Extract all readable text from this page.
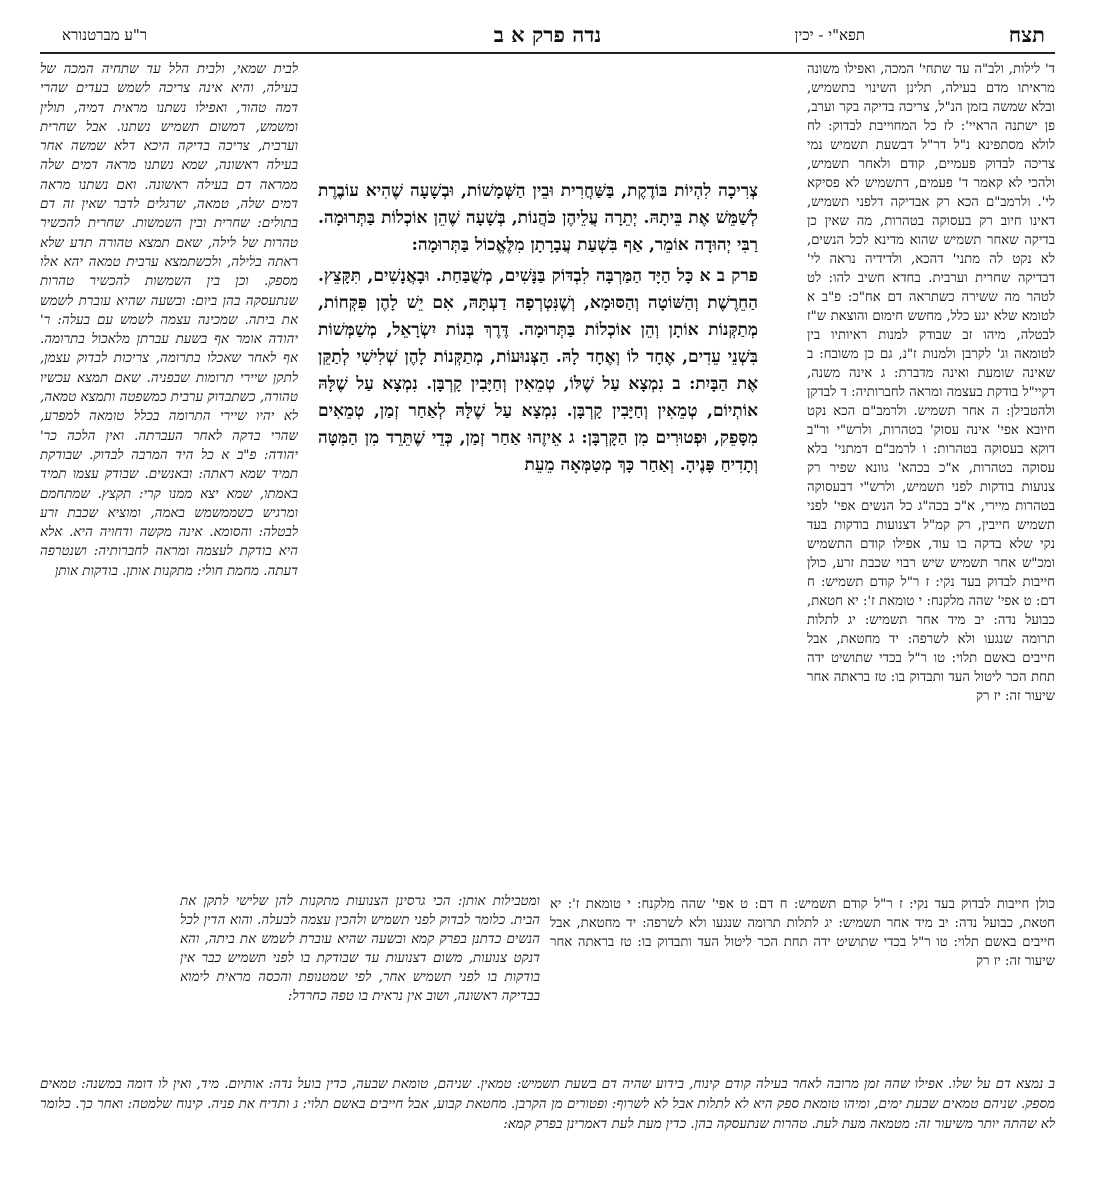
תצח
תפא"י - יכין
נדה פרק א ב
ר"ע מברטנורא

ד' לילות, ולב"ה עד שתחי' המכה, ואפילו משונה מראיתו מדם בעילה, תלינן השינוי בתשמיש, ובלא שמשה בזמן הנ"ל, צריכה בדיקה בקר וערב, פן ישתנה הראיי': לז כל המחוייבת לבדוק: לח לולא מסתפינא נ"ל דר"ל דבשעת תשמיש נמי צריכה לבדוק פעמיים, קודם ולאחר תשמיש, ולהכי לא קאמר ד' פעמים, דתשמיש לא פסיקא לי'. ולרמב"ם הכא רק אבדיקה דלפני תשמיש, דאינו חיוב רק בעסוקה בטהרות, מה שאין כן בדיקה שאחר תשמיש שהוא מדינא לכל הנשים, לא נקט לה מתני' דהכא, ולדידיה נראה לי' דבדיקה שחרית וערבית. בחדא חשיב להו: לט לטהר מה ששירה כשתראה דם אח"כ: פ"ב א לטומא שלא יגע כלל, מחשש חימום והוצאת ש"ז לבטלה, מיהו זב שבודק למנות ראיותיו בין לטומאה וג' לקרבן ולמנות ז"נ, גם כן משובח: ב שאינה שומעת ואינה מדברת: ג אינה משנה, דקיי"ל בודקת בעצמה ומראה לחברותיה: ד לבדקן ולהטבילן: ה אחר תשמיש. ולרמב"ם הכא נקט חיובא אפי' אינה עסוק' בטהרות, ולרש"י ור"ב דוקא בעסוקה בטהרות: ו לרמב"ם דמתני' בלא עסוקה בטהרות, א"כ בכהא' גוונא שפיר רק צנועות בודקות לפני תשמיש, ולרש"י דבעסוקה בטהרות מיירי, א"כ בכה"ג כל הנשים אפי' לפני תשמיש חייבין, רק קמ"ל דצנועות בודקות בעד נקי שלא בדקה בו עוד, אפילו קודם התשמיש ומכ"ש אחר תשמיש שיש רבוי שכבת זרע, כולן חייבות לבדוק בעד נקי: ז ר"ל קודם תשמיש: ח דם: ט אפי' שהה מלקנח: י טומאת ז': יא חטאת, כבועל נדה: יב מיד אחר תשמיש: יג לתלות תרומה שנגעו ולא לשרפה: יד מחטאת, אבל חייבים באשם תלוי: טו ר"ל בכדי שתושיט ידה תחת הכר ליטול העד ותבדוק בו: טז בראתה אחר שיעור זה: יז רק

צְרִיכָה לִהְיוֹת בּוֹדֶקֶת, בַּשַּׁחֲרִית וּבֵין הַשְּׁמָשׁוֹת, וּבְשָׁעָה שֶׁהִיא עוֹבֶרֶת לְשַׁמֵּשׁ אֶת בֵּיתָהּ. יְתֵרָה עֲלֵיהֶן כֹּהֲנוֹת, בְּשָׁעָה שֶׁהֵן אוֹכְלוֹת בַּתְּרוּמָה. רַבִּי יְהוּדָה אוֹמֵר, אַף בִּשְׁעַת עֲבָרָתָן מִלֶּאֱכוֹל בַּתְּרוּמָה:

פרק ב א כָּל הַיָּד הַמַּרְבָּה לִבְדּוֹק בַּנָּשִׁים, מְשֻׁבַּחַת. וּבָאֲנָשִׁים, תִּקָּצֵץ. הַחֵרֶשֶׁת וְהַשּׁוֹטָה וְהַסּוּמָא, וְשֶׁנִּטְרְפָה דַעְתָּהּ, אִם יֵשׁ לָהֶן פִּקְּחוֹת, מְתַקְּנוֹת אוֹתָן וְהֵן אוֹכְלוֹת בַּתְּרוּמָה. דֶּרֶךְ בְּנוֹת יִשְׂרָאֵל, מְשַׁמְּשׁוֹת בִּשְׁנֵי עֵדִים, אֶחָד לוֹ וְאֶחָד לָהּ. הַצְּנוּעוֹת, מְתַקְּנוֹת לָהֶן שְׁלִישִׁי לְתַקֵּן אֶת הַבָּיִת: ב נִמְצָא עַל שֶׁלּוֹ, טְמֵאִין וְחַיָּבִין קָרְבָּן. נִמְצָא עַל שֶׁלָּהּ אוֹתְיוֹם, טְמֵאִין וְחַיָּבִין קָרְבָּן. נִמְצָא עַל שֶׁלָּהּ לְאַחַר זְמַן, טְמֵאִים מִסָּפֵק, וּפְטוּרִים מִן הַקָּרְבָּן: ג אֵיזֶהוּ אַחַר זְמַן, כְּדֵי שֶׁתֵּרֵד מִן הַמִּטָּה וְתָדִיחַ פָּנֶיהָ. וְאַחַר כָּךְ מְטַמְּאָה מֵעֵת

לבית שמאי, ולבית הלל עד שתחיה המכה של בעילה, והיא אינה צריכה לשמש בעדים שהרי דמה טהור, ואפילו נשתנו מראית דמיה, תולין ומשמש, דמשום תשמיש נשתנו. אבל שחרית וערבית, צריכה בדיקה היכא דלא שמשה אחר בעילה ראשונה, שמא נשתנו מראה דמים שלה ממראה דם בעילה ראשונה. ואם נשתנו מראה דמים שלה, טמאה, שרגלים לדבר שאין זה דם בתולים: שחרית ובין השמשות. שחרית להכשיר טהרות של לילה, שאם תמצא טהורה תדע שלא ראתה בלילה, ולכשתמצא ערבית טמאה יהא אלו מספק. וכן בין השמשות להכשיר טהרות שנתעסקה בהן ביום: ובשעה שהיא עוברת לשמש את ביתה. שמכינה עצמה לשמש עם בעלה: ר' יהודה אומר אף בשעת עברתן מלאכול בתרומה. אף לאחר שאכלו בתרומה, צריכות לבדוק עצמן, לתקן שיירי תרומות שבפניה. שאם תמצא עכשיו טהורה, כשתבדוק ערבית כמשפטה ותמצא טמאה, לא יהיו שיירי התרומה בכלל טומאה למפרע, שהרי בדקה לאחר העברתה. ואין הלכה כר' יהודה: פ"ב א כל היד המרבה לבדוק. שבודקת תמיד שמא ראתה: ובאנשים. שבודק עצמו תמיד באמתו, שמא יצא ממנו קרי: תקצץ. שמתחמם ומרגיש כשממשמש באמה, ומוציא שכבת זרע לבטלה: והסומא. אינה מקשה ודחויה היא. אלא היא בודקת לעצמה ומראה לחברותיה: ושנטרפה דעתה. מחמת חולי: מתקנות אותן. בודקות אותן

ומטבילות אותן: הכי גרסינן הצנועות מתקנות להן שלישי לתקן את הבית. כלומר לבדוק לפני תשמיש ולהכין עצמה לבעלה. והוא הדין לכל הנשים כדתנן בפרק קמא ובשעה שהיא עוברת לשמש את ביתה, והא דנקט צנועות, משום דצנועות עד שבודקת בו לפני תשמיש כבר אין בודקות בו לפני תשמיש אחר, לפי שמטנופת והכסה מראית לימוא בבדיקה ראשונה, ושוב אין נראית בו טפה כחרדל:
כולן חייבות לבדוק בעד נקי: ז ר"ל קודם תשמיש: ח דם: ט אפי' שהה מלקנח: י טומאת ז': יא חטאת, כבועל נדה: יב מיד אחר תשמיש: יג לתלות תרומה שנגעו ולא לשרפה: יד מחטאת, אבל חייבים באשם תלוי: טו ר"ל בכדי שתושיט ידה תחת הכר ליטול העד ותבדוק בו: טז בראתה אחר שיעור זה: יז רק

ב נמצא דם על שלו. אפילו שהה זמן מרובה לאחר בעילה קודם קינוח, בידוע שהיה דם בשעת תשמיש: טמאין. שניהם, טומאת שבעה, כדין בועל נדה: אותיום. מיד, ואין לו דומה במשנה: טמאים מספק. שניהם טמאים שבעת ימים, ומיהו טומאת ספק היא לא לתלות אבל לא לשרוף: ופטורים מן הקרבן. מחטאת קבוע, אבל חייבים באשם תלוי: ג ותדיח את פניה. קינוח שלמטה: ואחר כך. כלומר לא שהתה יותר משיעור זה: מטמאה מעת לעת. טהרות שנתעסקה בהן. כדין מעת לעת דאמרינן בפרק קמא:
